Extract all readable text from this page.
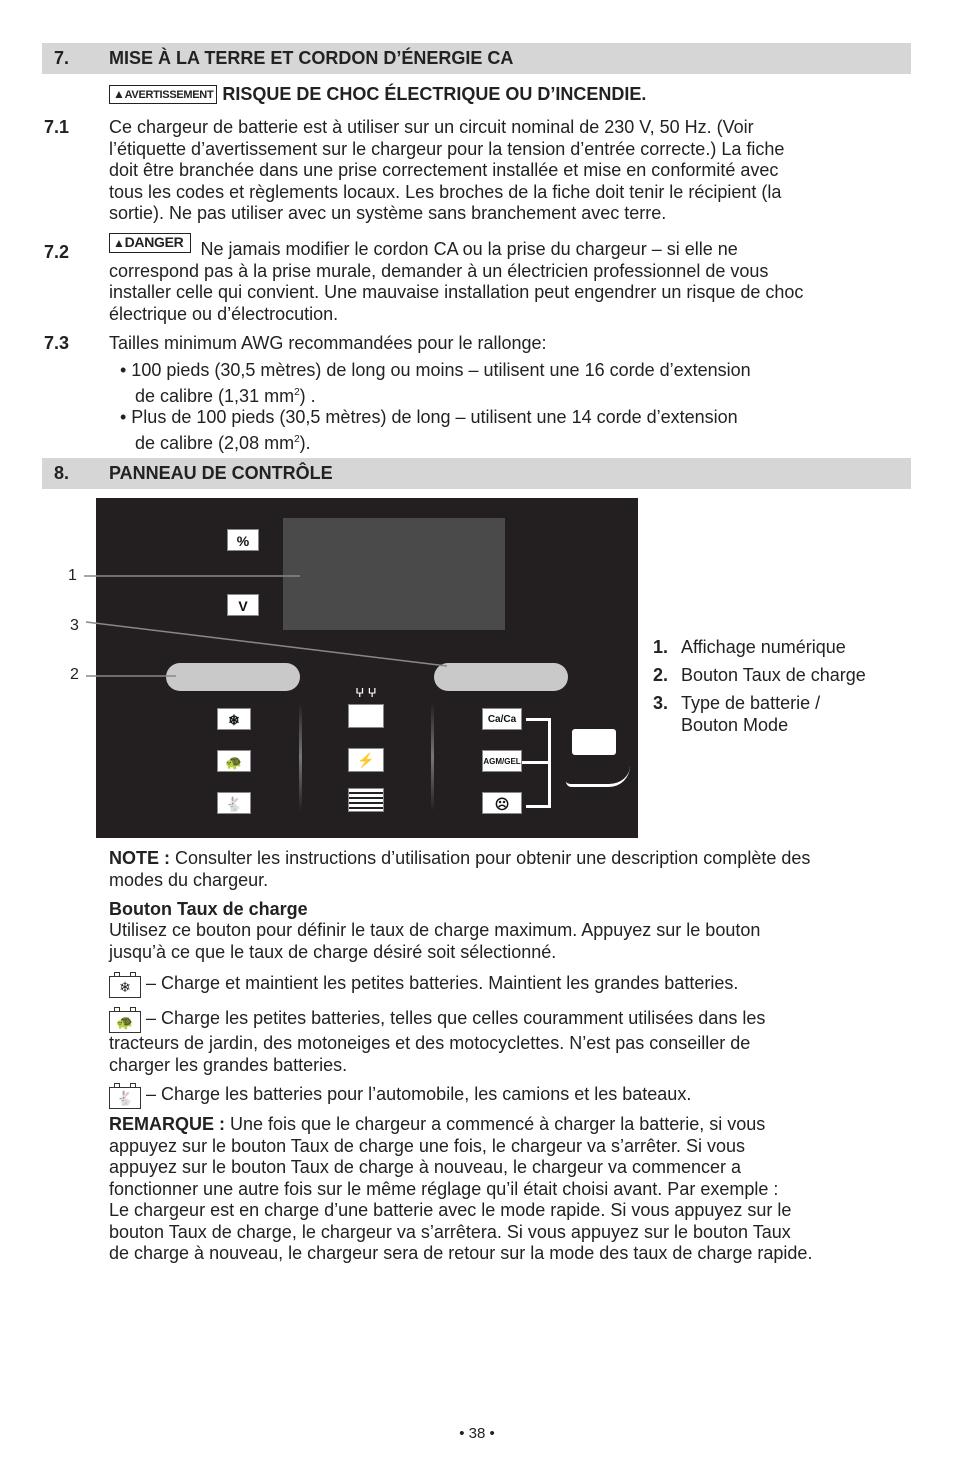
7. MISE À LA TERRE ET CORDON D’ÉNERGIE CA
▲AVERTISSEMENT RISQUE DE CHOC ÉLECTRIQUE OU D’INCENDIE.
7.1 Ce chargeur de batterie est à utiliser sur un circuit nominal de 230 V, 50 Hz. (Voir
l’étiquette d’avertissement sur le chargeur pour la tension d’entrée correcte.) La fiche
doit être branchée dans une prise correctement installée et mise en conformité avec
tous les codes et règlements locaux. Les broches de la fiche doit tenir le récipient (la
sortie). Ne pas utiliser avec un système sans branchement avec terre.
7.2	▲DANGER Ne jamais modifier le cordon CA ou la prise du chargeur – si elle ne
correspond pas à la prise murale, demander à un électricien professionnel de vous
installer celle qui convient. Une mauvaise installation peut engendrer un risque de choc
électrique ou d’électrocution.
7.3 Tailles minimum AWG recommandées pour le rallonge:
• 100 pieds (30,5 mètres) de long ou moins – utilisent une 16 corde d’extension
de calibre (1,31 $mm^2$) .
• Plus de 100 pieds (30,5 mètres) de long – utilisent une 14 corde d’extension
de calibre (2,08 $mm^2$).
8. PANNEAU DE CONTRÔLE
%
V
❄
🐢
🐇
ⵖ ⵖ
⚡
Ca/Ca
AGM/GEL
☹
1
3
2
1. Affichage numérique
2. Bouton Taux de charge
3. Type de batterie /
Bouton Mode
NOTE : Consulter les instructions d’utilisation pour obtenir une description complète des
modes du chargeur.
Bouton Taux de charge
Utilisez ce bouton pour définir le taux de charge maximum. Appuyez sur le bouton
jusqu’à ce que le taux de charge désiré soit sélectionné.
❄ – Charge et maintient les petites batteries. Maintient les grandes batteries.
🐢 – Charge les petites batteries, telles que celles couramment utilisées dans les
tracteurs de jardin, des motoneiges et des motocyclettes. N’est pas conseiller de
charger les grandes batteries.
🐇 – Charge les batteries pour l’automobile, les camions et les bateaux.
REMARQUE : Une fois que le chargeur a commencé à charger la batterie, si vous
appuyez sur le bouton Taux de charge une fois, le chargeur va s’arrêter. Si vous
appuyez sur le bouton Taux de charge à nouveau, le chargeur va commencer a
fonctionner une autre fois sur le même réglage qu’il était choisi avant. Par exemple :
Le chargeur est en charge d’une batterie avec le mode rapide. Si vous appuyez sur le
bouton Taux de charge, le chargeur va s’arrêtera. Si vous appuyez sur le bouton Taux
de charge à nouveau, le chargeur sera de retour sur la mode des taux de charge rapide.
• 38 •
